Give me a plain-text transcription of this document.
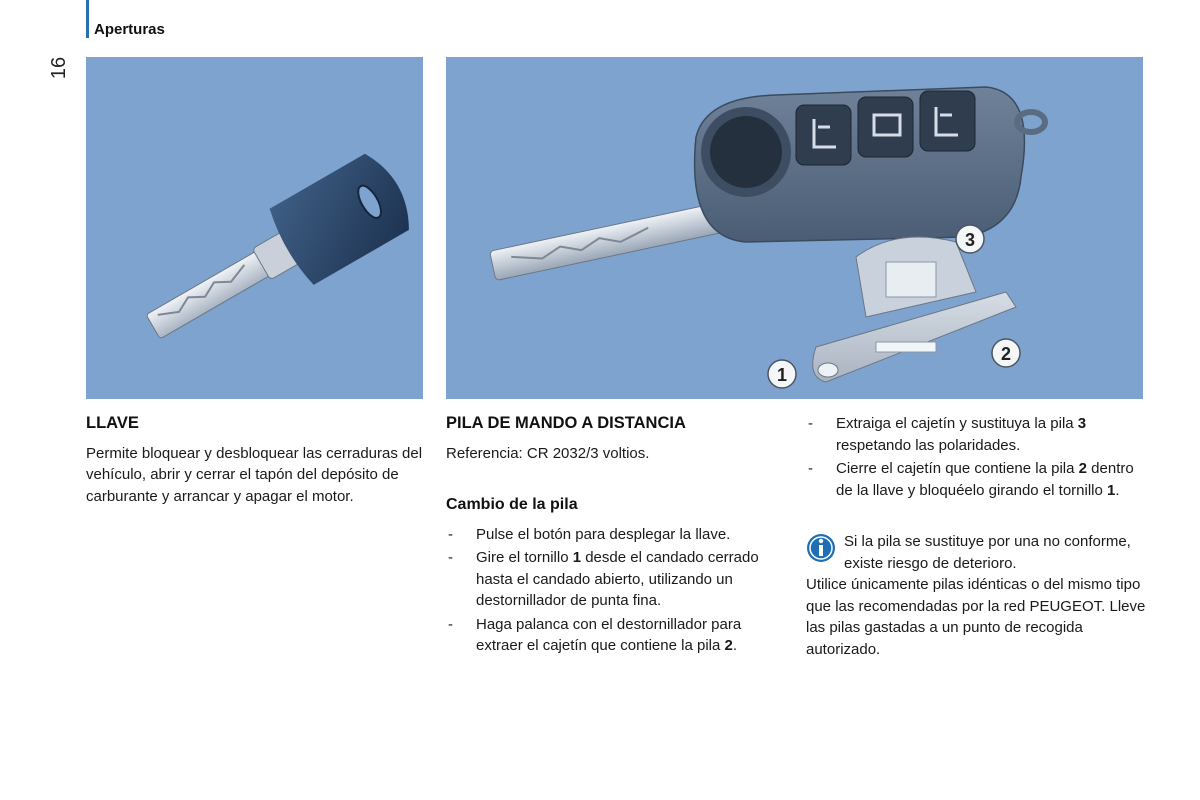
Aperturas
16
1
2
3
LLAVE

Permite bloquear y desbloquear las cerraduras del vehículo, abrir y cerrar el tapón del depósito de carburante y arrancar y apagar el motor.

PILA DE MANDO A DISTANCIA

Referencia: CR 2032/3 voltios.

Cambio de la pila
- Pulse el botón para desplegar la llave.
- Gire el tornillo 1 desde el candado cerrado hasta el candado abierto, utilizando un destornillador de punta fina.
- Haga palanca con el destornillador para extraer el cajetín que contiene la pila 2.
- Extraiga el cajetín y sustituya la pila 3 respetando las polaridades.
- Cierre el cajetín que contiene la pila 2 dentro de la llave y bloquéelo girando el tornillo 1.

Si la pila se sustituye por una no conforme, existe riesgo de deterioro.

Utilice únicamente pilas idénticas o del mismo tipo que las recomendadas por la red PEUGEOT. Lleve las pilas gastadas a un punto de recogida autorizado.
